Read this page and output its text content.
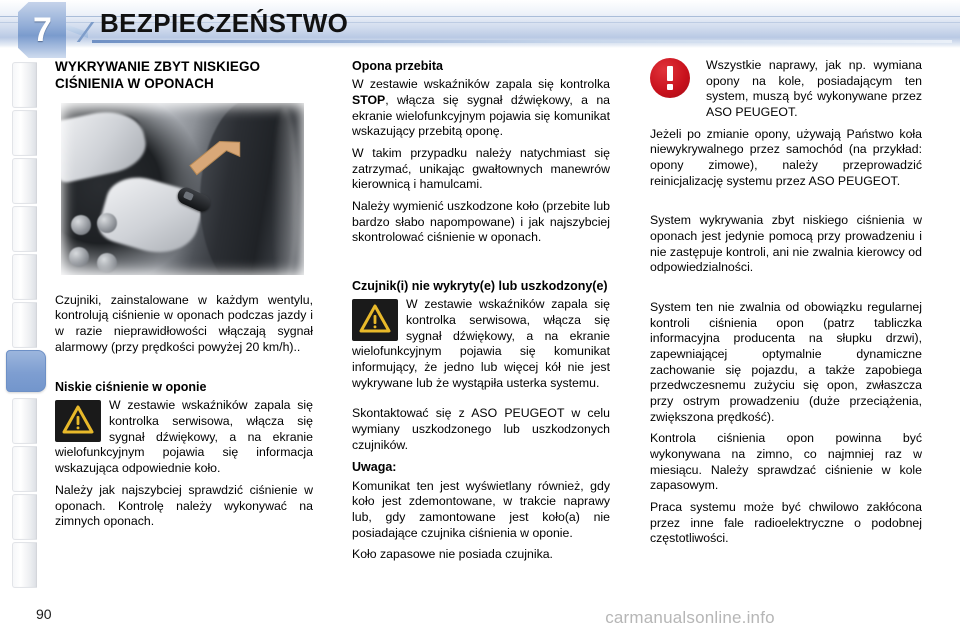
7	BEZPIECZEŃSTWO
WYKRYWANIE ZBYT NISKIEGO CIŚNIENIA W OPONACH

Czujniki, zainstalowane w każdym wentylu, kontrolują ciśnienie w oponach podczas jazdy i w razie nieprawidłowości włączają sygnał alarmowy (przy prędkości powyżej 20 km/h)..

Niskie ciśnienie w oponie

W zestawie wskaźników zapala się kontrolka serwisowa, włącza się sygnał dźwiękowy, a na ekranie wielofunkcyjnym pojawia się informacja wskazująca odpowiednie koło.

Należy jak najszybciej sprawdzić ciśnienie w oponach. Kontrolę należy wykonywać na zimnych oponach.

Opona przebita

W zestawie wskaźników zapala się kontrolka STOP, włącza się sygnał dźwiękowy, a na ekranie wielofunkcyjnym pojawia się komunikat wskazujący przebitą oponę.

W takim przypadku należy natychmiast się zatrzymać, unikając gwałtownych manewrów kierownicą i hamulcami.

Należy wymienić uszkodzone koło (przebite lub bardzo słabo napompowane) i jak najszybciej skontrolować ciśnienie w oponach.

Czujnik(i) nie wykryty(e) lub uszkodzony(e)

W zestawie wskaźników zapala się kontrolka serwisowa, włącza się sygnał dźwiękowy, a na ekranie wielofunkcyjnym pojawia się komunikat informujący, że jedno lub więcej kół nie jest wykrywane lub że wystąpiła usterka systemu.

Skontaktować się z ASO PEUGEOT w celu wymiany uszkodzonego lub uszkodzonych czujników.

Uwaga:

Komunikat ten jest wyświetlany również, gdy koło jest zdemontowane, w trakcie naprawy lub, gdy zamontowane jest koło(a) nie posiadające czujnika ciśnienia w oponie.

Koło zapasowe nie posiada czujnika.

Wszystkie naprawy, jak np. wymiana opony na kole, posiadającym ten system, muszą być wykonywane przez ASO PEUGEOT.

Jeżeli po zmianie opony, używają Państwo koła niewykrywalnego przez samochód (na przykład: opony zimowe), należy przeprowadzić reinicjalizację systemu przez ASO PEUGEOT.

System wykrywania zbyt niskiego ciśnienia w oponach jest jedynie pomocą przy prowadzeniu i nie zastępuje kontroli, ani nie zwalnia kierowcy od odpowiedzialności.

System ten nie zwalnia od obowiązku regularnej kontroli ciśnienia opon (patrz tabliczka informacyjna producenta na słupku drzwi), zapewniającej optymalnie dynamiczne zachowanie się pojazdu, a także zapobiega przedwczesnemu zużyciu się opon, zwłaszcza przy ostrym prowadzeniu (duże przeciążenia, zwiększona prędkość).

Kontrola ciśnienia opon powinna być wykonywana na zimno, co najmniej raz w miesiącu. Należy sprawdzać ciśnienie w kole zapasowym.

Praca systemu może być chwilowo zakłócona przez inne fale radioelektryczne o podobnej częstotliwości.

90	carmanualsonline.info
